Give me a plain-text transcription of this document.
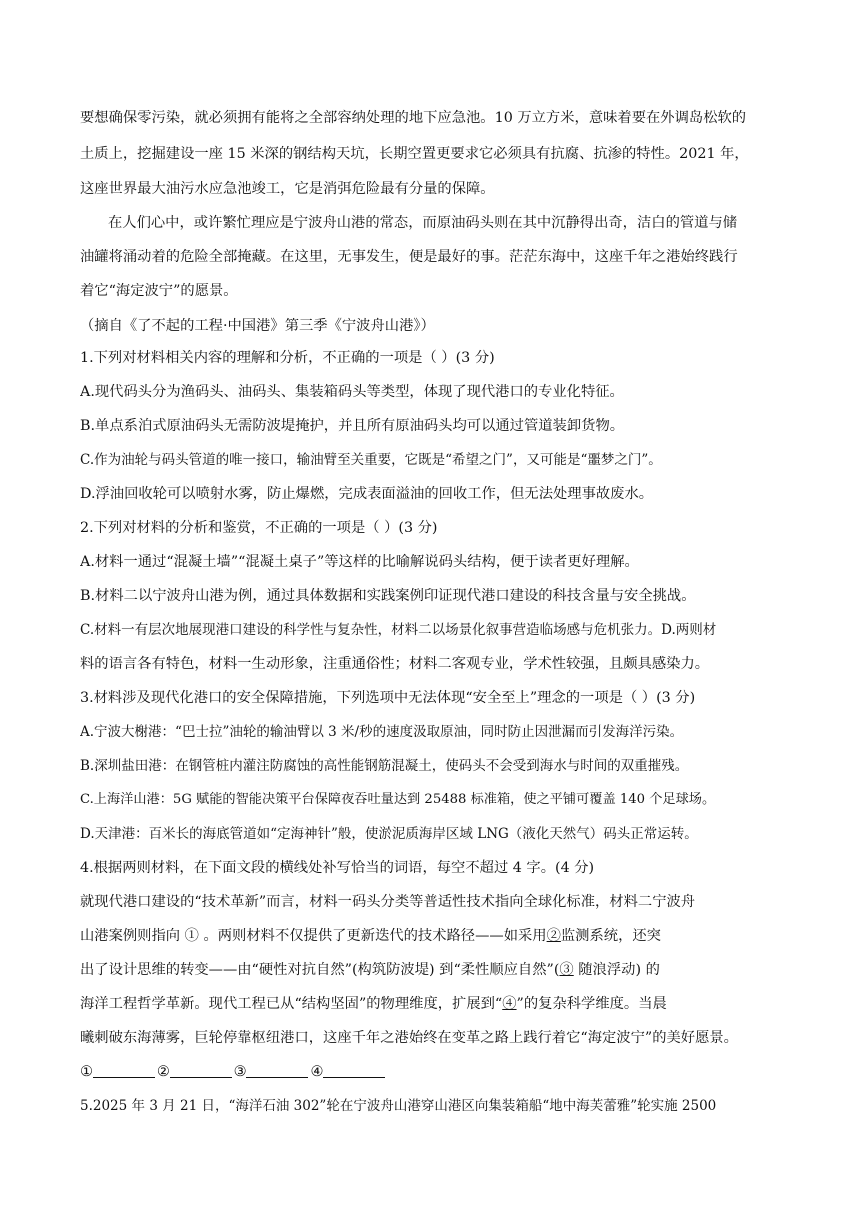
要想确保零污染，就必须拥有能将之全部容纳处理的地下应急池。10 万立方米，意味着要在外调岛松软的
土质上，挖掘建设一座 15 米深的钢结构天坑，长期空置更要求它必须具有抗腐、抗渗的特性。2021 年，
这座世界最大油污水应急池竣工，它是消弭危险最有分量的保障。
在人们心中，或许繁忙理应是宁波舟山港的常态，而原油码头则在其中沉静得出奇，洁白的管道与储
油罐将涌动着的危险全部掩藏。在这里，无事发生，便是最好的事。茫茫东海中，这座千年之港始终践行
着它“海定波宁”的愿景。
（摘自《了不起的工程·中国港》第三季《宁波舟山港》）
1.下列对材料相关内容的理解和分析，不正确的一项是（ ）(3 分)
A.现代码头分为渔码头、油码头、集装箱码头等类型，体现了现代港口的专业化特征。
B.单点系泊式原油码头无需防波堤掩护，并且所有原油码头均可以通过管道装卸货物。
C.作为油轮与码头管道的唯一接口，输油臂至关重要，它既是“希望之门”，又可能是“噩梦之门”。
D.浮油回收轮可以喷射水雾，防止爆燃，完成表面溢油的回收工作，但无法处理事故废水。
2.下列对材料的分析和鉴赏，不正确的一项是（ ）(3 分)
A.材料一通过“混凝土墙”“混凝土桌子”等这样的比喻解说码头结构，便于读者更好理解。
B.材料二以宁波舟山港为例，通过具体数据和实践案例印证现代港口建设的科技含量与安全挑战。
C.材料一有层次地展现港口建设的科学性与复杂性，材料二以场景化叙事营造临场感与危机张力。D.两则材
料的语言各有特色，材料一生动形象，注重通俗性；材料二客观专业，学术性较强，且颇具感染力。
3.材料涉及现代化港口的安全保障措施，下列选项中无法体现“安全至上”理念的一项是（ ）(3 分)
A.宁波大榭港：“巴士拉”油轮的输油臂以 3 米/秒的速度汲取原油，同时防止因泄漏而引发海洋污染。
B.深圳盐田港：在钢管桩内灌注防腐蚀的高性能钢筋混凝土，使码头不会受到海水与时间的双重摧残。
C.上海洋山港：5G 赋能的智能决策平台保障夜吞吐量达到 25488 标准箱，使之平铺可覆盖 140 个足球场。
D.天津港：百米长的海底管道如“定海神针”般，使淤泥质海岸区域 LNG（液化天然气）码头正常运转。
4.根据两则材料，在下面文段的横线处补写恰当的词语，每空不超过 4 字。(4 分)
就现代港口建设的“技术革新”而言，材料一码头分类等普适性技术指向全球化标准，材料二宁波舟
山港案例则指向 ① 。两则材料不仅提供了更新迭代的技术路径——如采用②监测系统，还突
出了设计思维的转变——由“硬性对抗自然”(构筑防波堤) 到“柔性顺应自然”(③ 随浪浮动) 的
海洋工程哲学革新。现代工程已从“结构坚固”的物理维度，扩展到“④”的复杂科学维度。当晨
曦刺破东海薄雾，巨轮停靠枢纽港口，这座千年之港始终在变革之路上践行着它“海定波宁”的美好愿景。
①	②	③	④
5.2025 年 3 月 21 日，“海洋石油 302”轮在宁波舟山港穿山港区向集装箱船“地中海芙蕾雅”轮实施 2500
